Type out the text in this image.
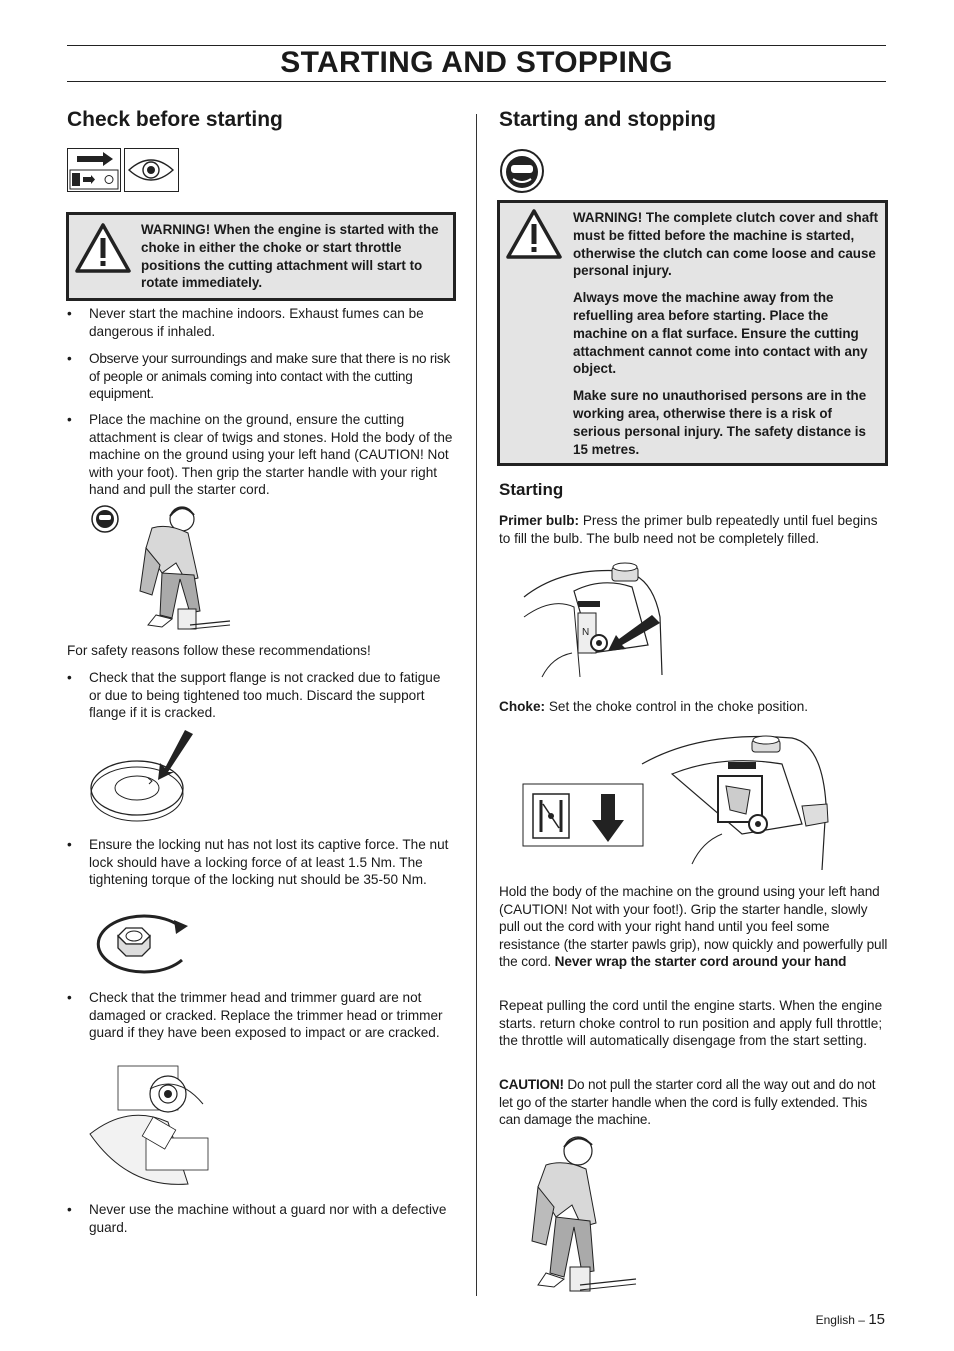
STARTING AND STOPPING
Check before starting
WARNING! When the engine is started with the choke in either the choke or start throttle positions the cutting attachment will start to rotate immediately.
• Never start the machine indoors. Exhaust fumes can be dangerous if inhaled.
• Observe your surroundings and make sure that there is no risk of people or animals coming into contact with the cutting equipment.
• Place the machine on the ground, ensure the cutting attachment is clear of twigs and stones. Hold the body of the machine on the ground using your left hand (CAUTION! Not with your foot). Then grip the starter handle with your right hand and pull the starter cord.
For safety reasons follow these recommendations!
• Check that the support flange is not cracked due to fatigue or due to being tightened too much. Discard the support flange if it is cracked.
• Ensure the locking nut has not lost its captive force. The nut lock should have a locking force of at least 1.5 Nm. The tightening torque of the locking nut should be 35-50 Nm.
• Check that the trimmer head and trimmer guard are not damaged or cracked. Replace the trimmer head or trimmer guard if they have been exposed to impact or are cracked.
• Never use the machine without a guard nor with a defective guard.
Starting and stopping

WARNING! The complete clutch cover and shaft must be fitted before the machine is started, otherwise the clutch can come loose and cause personal injury.

Always move the machine away from the refuelling area before starting. Place the machine on a flat surface. Ensure the cutting attachment cannot come into contact with any object.

Make sure no unauthorised persons are in the working area, otherwise there is a risk of serious personal injury. The safety distance is 15 metres.

Starting

Primer bulb: Press the primer bulb repeatedly until fuel begins to fill the bulb. The bulb need not be completely filled.

N

Choke: Set the choke control in the choke position.

Hold the body of the machine on the ground using your left hand (CAUTION! Not with your foot!). Grip the starter handle, slowly pull out the cord with your right hand until you feel some resistance (the starter pawls grip), now quickly and powerfully pull the cord. Never wrap the starter cord around your hand

Repeat pulling the cord until the engine starts. When the engine starts. return choke control to run position and apply full throttle; the throttle will automatically disengage from the start setting.

CAUTION! Do not pull the starter cord all the way out and do not let go of the starter handle when the cord is fully extended. This can damage the machine.

English – 15
